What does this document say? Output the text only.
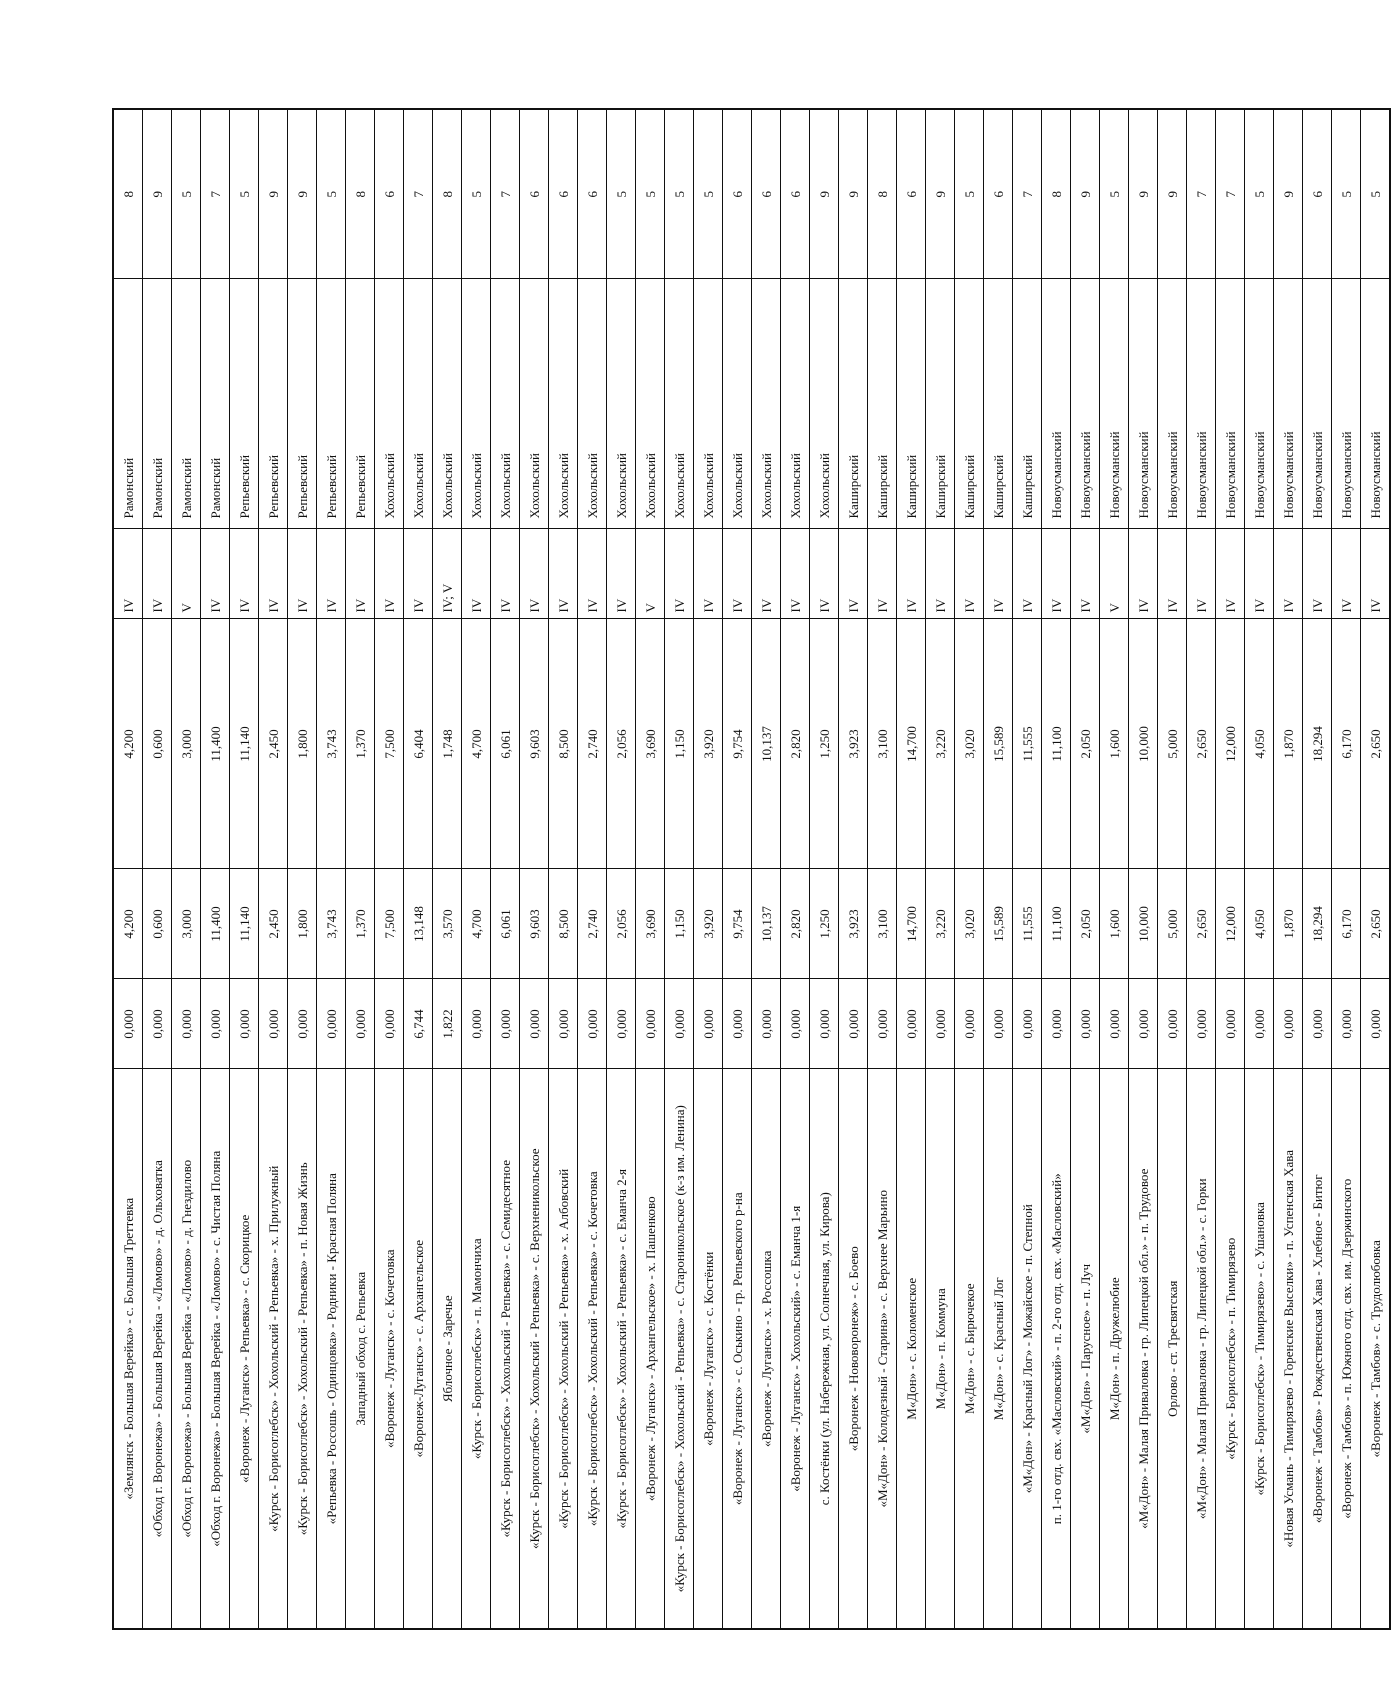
«Землянск - Большая Верейка» - с. Большая Треттевка	0,000	4,200	4,200	IV	Рамонский	8
«Обход г. Воронежа» - Большая Верейка - «Ломово» - д. Ольховатка	0,000	0,600	0,600	IV	Рамонский	9
«Обход г. Воронежа» - Большая Верейка - «Ломово» - д. Гнездилово	0,000	3,000	3,000	V	Рамонский	5
«Обход г. Воронежа» - Большая Верейка - «Ломово» - с. Чистая Поляна	0,000	11,400	11,400	IV	Рамонский	7
«Воронеж - Луганск» - Репьевка» - с. Скорицкое	0,000	11,140	11,140	IV	Репьевский	5
«Курск - Борисоглебск» - Хохольский - Репьевка» - х. Прилужный	0,000	2,450	2,450	IV	Репьевский	9
«Курск - Борисоглебск» - Хохольский - Репьевка» - п. Новая Жизнь	0,000	1,800	1,800	IV	Репьевский	9
«Репьевка - Россошь - Одинцовка» - Родники - Красная Поляна	0,000	3,743	3,743	IV	Репьевский	5
Западный обход с. Репьевка	0,000	1,370	1,370	IV	Репьевский	8
«Воронеж - Луганск» - с. Кочетовка	0,000	7,500	7,500	IV	Хохольский	6
«Воронеж-Луганск» - с. Архангельское	6,744	13,148	6,404	IV	Хохольский	7
Яблочное - Заречье	1,822	3,570	1,748	IV; V	Хохольский	8
«Курск - Борисоглебск» - п. Мамончиха	0,000	4,700	4,700	IV	Хохольский	5
«Курск - Борисоглебск» - Хохольский - Репьевка» - с. Семидесятное	0,000	6,061	6,061	IV	Хохольский	7
«Курск - Борисоглебск» - Хохольский - Репьевка» - с. Верхненикольское	0,000	9,603	9,603	IV	Хохольский	6
«Курск - Борисоглебск» - Хохольский - Репьевка» - х. Албовский	0,000	8,500	8,500	IV	Хохольский	6
«Курск - Борисоглебск» - Хохольский - Репьевка» - с. Кочетовка	0,000	2,740	2,740	IV	Хохольский	6
«Курск - Борисоглебск» - Хохольский - Репьевка» - с. Еманча 2-я	0,000	2,056	2,056	IV	Хохольский	5
«Воронеж - Луганск» - Архангельское» - х. Пашенково	0,000	3,690	3,690	V	Хохольский	5
«Курск - Борисоглебск» - Хохольский - Репьевка» - с. Староникольское (к-з им. Ленина)	0,000	1,150	1,150	IV	Хохольский	5
«Воронеж - Луганск» - с. Костёнки	0,000	3,920	3,920	IV	Хохольский	5
«Воронеж - Луганск» - с. Оськино - гр. Репьевского р-на	0,000	9,754	9,754	IV	Хохольский	6
«Воронеж - Луганск» - х. Россошка	0,000	10,137	10,137	IV	Хохольский	6
«Воронеж - Луганск» - Хохольский» - с. Еманча 1-я	0,000	2,820	2,820	IV	Хохольский	6
с. Костёнки (ул. Набережная, ул. Солнечная, ул. Кирова)	0,000	1,250	1,250	IV	Хохольский	9
«Воронеж - Нововоронеж» - с. Боево	0,000	3,923	3,923	IV	Каширский	9
«М«Дон» - Колодезный - Старина» - с. Верхнее Марьино	0,000	3,100	3,100	IV	Каширский	8
М«Дон» - с. Коломенское	0,000	14,700	14,700	IV	Каширский	6
М«Дон» - п. Коммуна	0,000	3,220	3,220	IV	Каширский	9
М«Дон» - с. Бирючекое	0,000	3,020	3,020	IV	Каширский	5
М«Дон» - с. Красный Лог	0,000	15,589	15,589	IV	Каширский	6
«М«Дон» - Красный Лог» - Можайское - п. Степной	0,000	11,555	11,555	IV	Каширский	7
п. 1-го отд. свх. «Масловский» - п. 2-го отд. свх. «Масловский»	0,000	11,100	11,100	IV	Новоусманский	8
«М«Дон» - Парусное» - п. Луч	0,000	2,050	2,050	IV	Новоусманский	9
М«Дон» - п. Дружелюбие	0,000	1,600	1,600	V	Новоусманский	5
«М«Дон» - Малая Приваловка - гр. Липецкой обл.» - п. Трудовое	0,000	10,000	10,000	IV	Новоусманский	9
Орлово - ст. Тресвятская	0,000	5,000	5,000	IV	Новоусманский	9
«М«Дон» - Малая Приваловка - гр. Липецкой обл.» - с. Горки	0,000	2,650	2,650	IV	Новоусманский	7
«Курск - Борисоглебск» - п. Тимирязево	0,000	12,000	12,000	IV	Новоусманский	7
«Курск - Борисоглебск» - Тимирязево» - с. Ушановка	0,000	4,050	4,050	IV	Новоусманский	5
«Новая Усмань - Тимирязево - Горенские Выселки» - п. Успенская Хава	0,000	1,870	1,870	IV	Новоусманский	9
«Воронеж - Тамбов» - Рождественская Хава - Хлебное - Битюг	0,000	18,294	18,294	IV	Новоусманский	6
«Воронеж - Тамбов» - п. Южного отд. свх. им. Дзержинского	0,000	6,170	6,170	IV	Новоусманский	5
«Воронеж - Тамбов» - с. Трудолюбовка	0,000	2,650	2,650	IV	Новоусманский	5
